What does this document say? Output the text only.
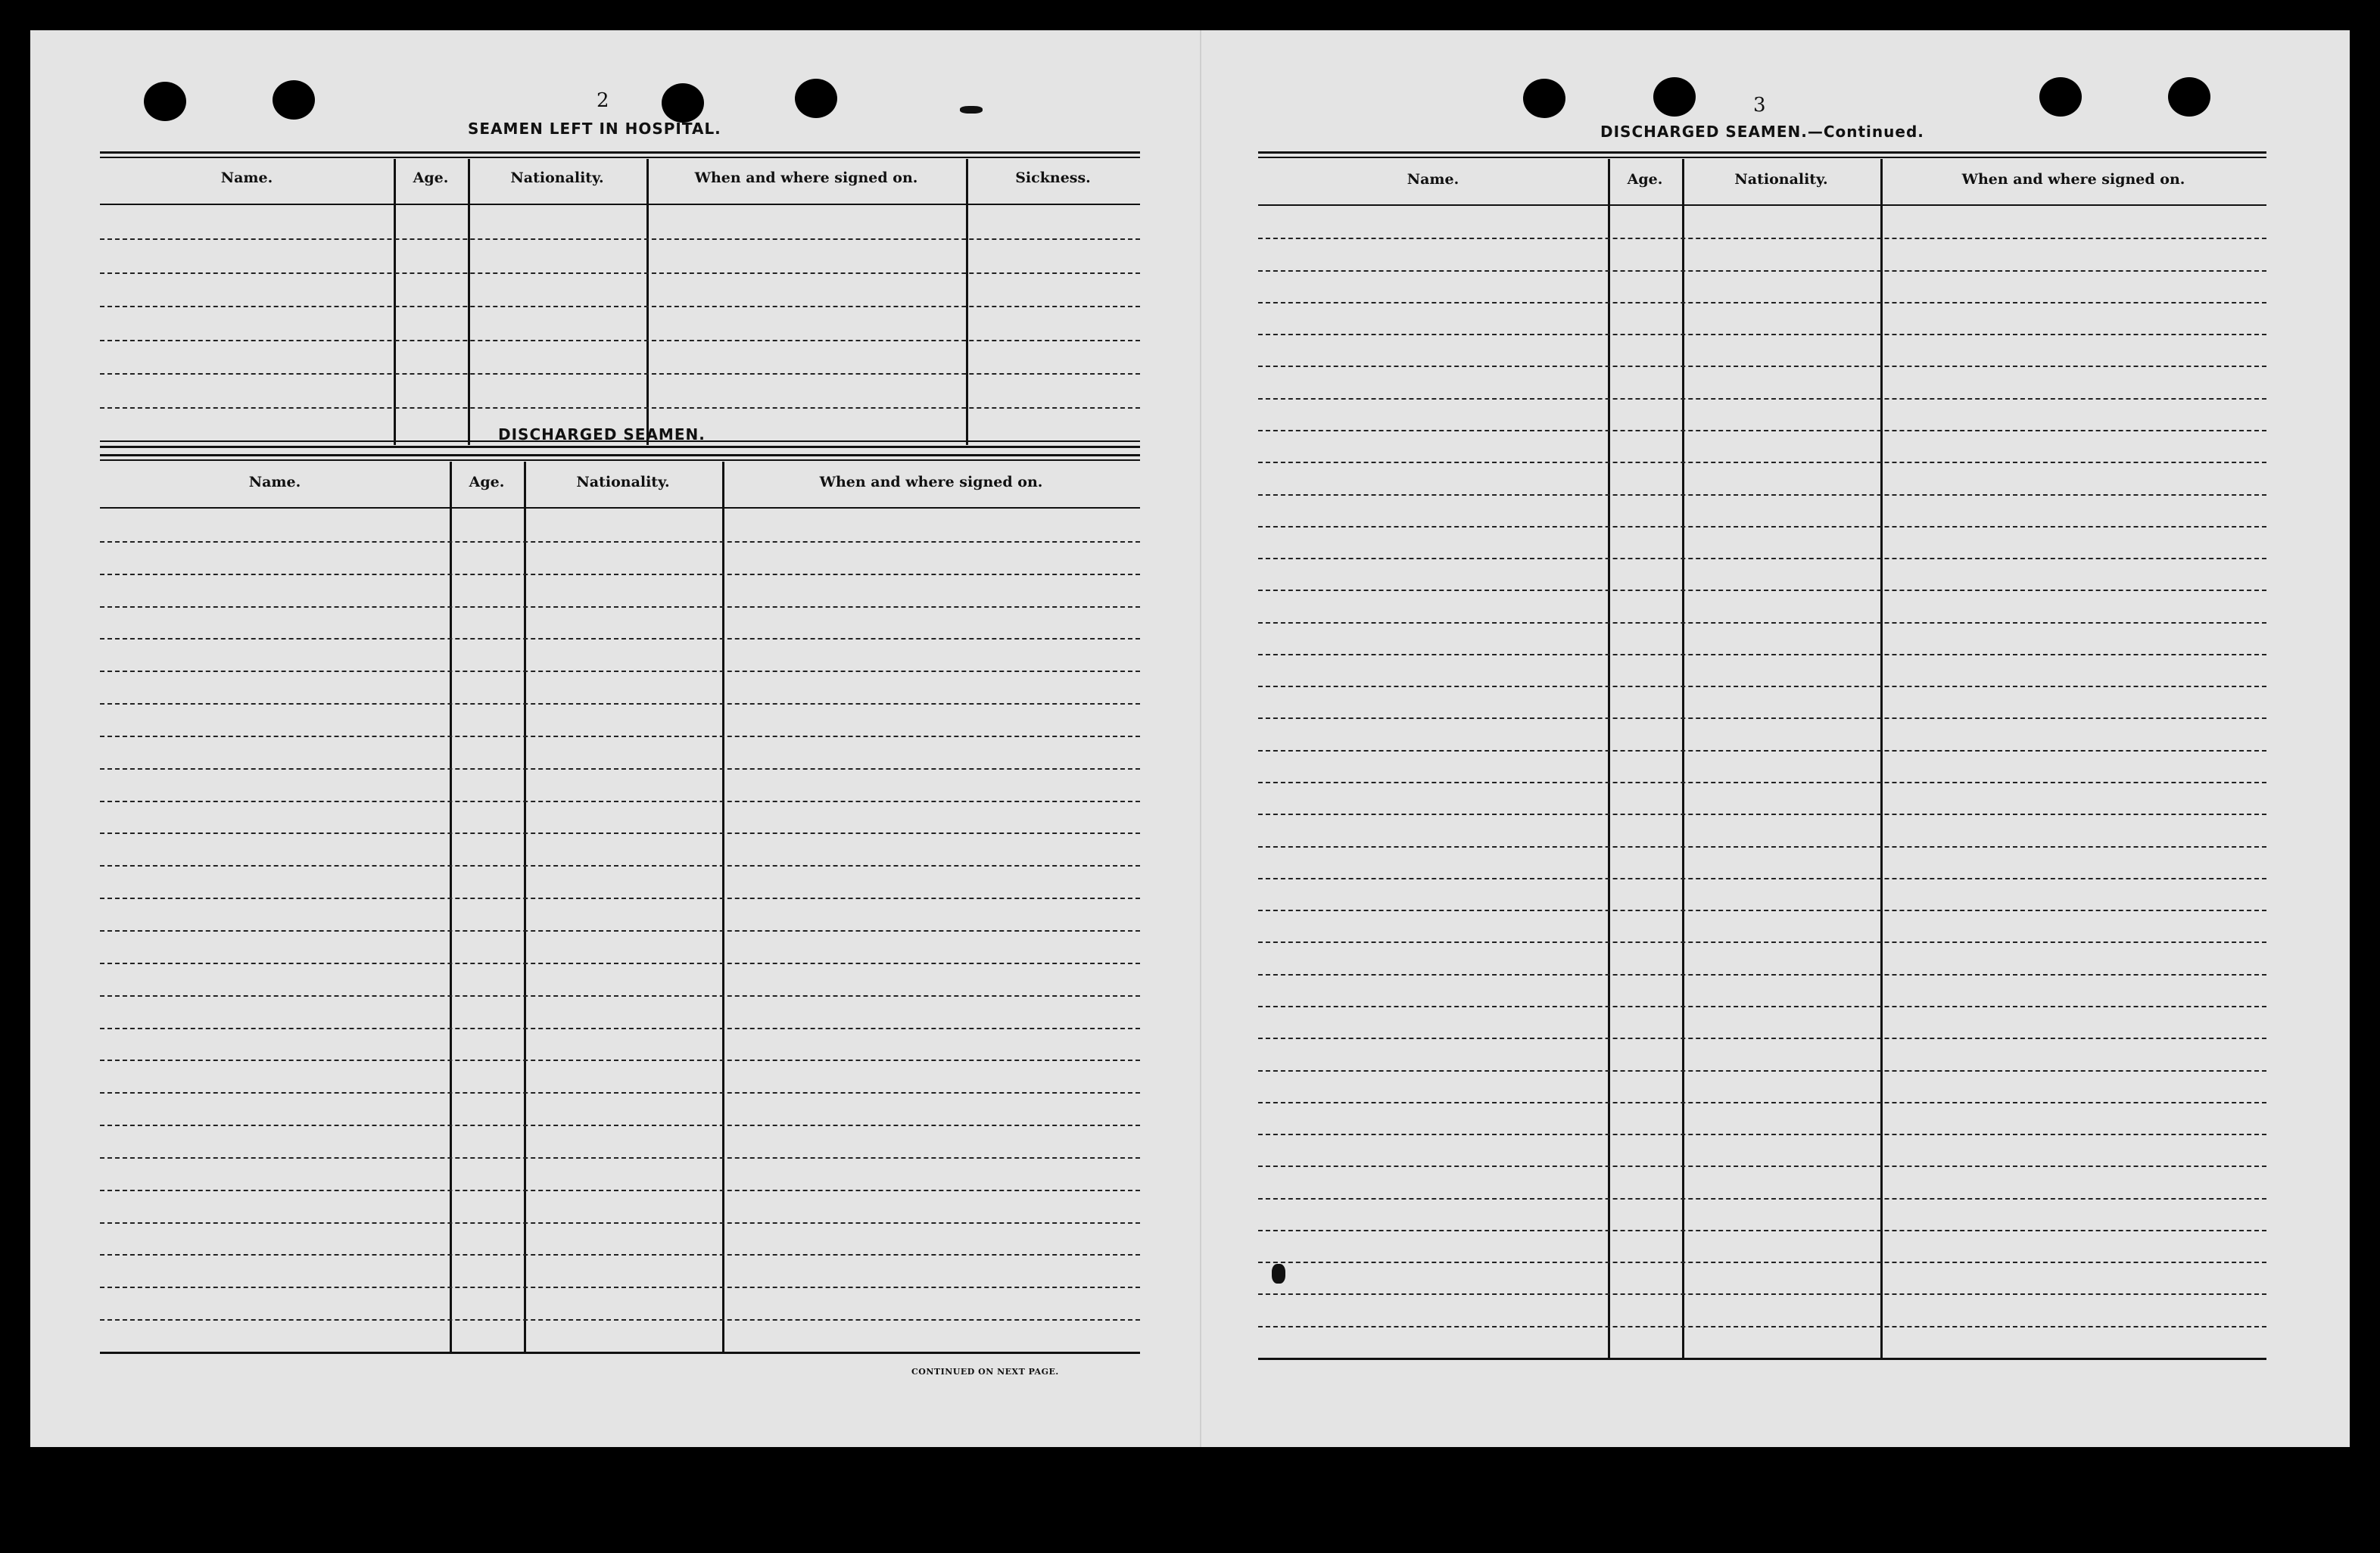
2
SEAMEN LEFT IN HOSPITAL.
Name.	Age.	Nationality.	When and where signed on.	Sickness.
DISCHARGED SEAMEN.
Name.	Age.	Nationality.	When and where signed on.
CONTINUED ON NEXT PAGE.
3
DISCHARGED SEAMEN.—Continued.
Name.	Age.	Nationality.	When and where signed on.
